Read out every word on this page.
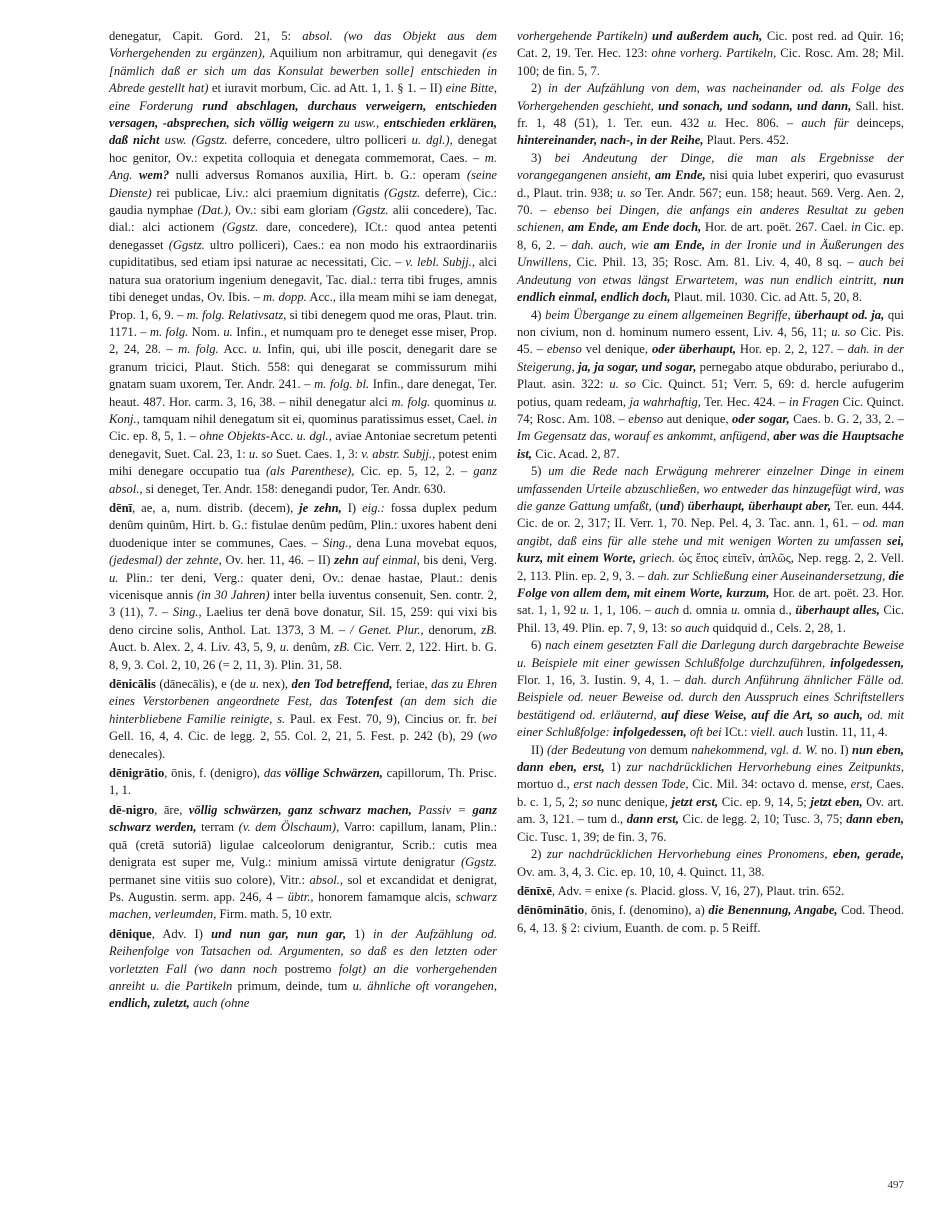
denegatur, Capit. Gord. 21, 5: absol. (wo das Objekt aus dem Vorhergehenden zu ergänzen), Aquilium non arbitramur, qui denegavit (es [nämlich daß er sich um das Konsulat bewerben solle] entschieden in Abrede gestellt hat) et iuravit morbum, Cic. ad Att. 1, 1. § 1. – II) eine Bitte, eine Forderung rund abschlagen, durchaus verweigern, entschieden versagen, -absprechen, sich völlig weigern zu usw., entschieden erklären, daß nicht usw. (Ggstz. deferre, concedere, ultro polliceri u. dgl.), denegat hoc genitor, Ov.: expetita colloquia et denegata commemorat, Caes. – m. Ang. wem? nulli adversus Romanos auxilia, Hirt. b. G.: operam (seine Dienste) rei publicae, Liv.: alci praemium dignitatis (Ggstz. deferre), Cic.: gaudia nymphae (Dat.), Ov.: sibi eam gloriam (Ggstz. alii concedere), Tac. dial.: alci actionem (Ggstz. dare, concedere), ICt.: quod antea petenti denegasset (Ggstz. ultro polliceri), Caes.: ea non modo his extraordinariis cupiditatibus, sed etiam ipsi naturae ac necessitati, Cic. – v. lebl. Subjj., alci natura sua oratorium ingenium denegavit, Tac. dial.: terra tibi fruges, amnis tibi deneget undas, Ov. Ibis. – m. dopp. Acc., illa meam mihi se iam denegat, Prop. 1, 6, 9. – m. folg. Relativsatz, si tibi denegem quod me oras, Plaut. trin. 1171. – m. folg. Nom. u. Infin., et numquam pro te deneget esse miser, Prop. 2, 24, 28. – m. folg. Acc. u. Infin, qui, ubi ille poscit, denegarit dare se granum tricici, Plaut. Stich. 558: qui denegarat se commissurum mihi gnatam suam uxorem, Ter. Andr. 241. – m. folg. bl. Infin., dare denegat, Ter. heaut. 487. Hor. carm. 3, 16, 38. – nihil denegatur alci m. folg. quominus u. Konj., tamquam nihil denegatum sit ei, quominus paratissimus esset, Cael. in Cic. ep. 8, 5, 1. – ohne Objekts-Acc. u. dgl., aviae Antoniae secretum petenti denegavit, Suet. Cal. 23, 1: u. so Suet. Caes. 1, 3: v. abstr. Subjj., potest enim mihi denegare occupatio tua (als Parenthese), Cic. ep. 5, 12, 2. – ganz absol., si deneget, Ter. Andr. 158: denegandi pudor, Ter. Andr. 630.

dēnī, ae, a, num. distrib. (decem), je zehn, I) eig.: fossa duplex pedum denûm quinûm, Hirt. b. G.: fistulae denûm pedûm, Plin.: uxores habent deni duodenique inter se communes, Caes. – Sing., dena Luna movebat equos, (jedesmal) der zehnte, Ov. her. 11, 46. – II) zehn auf einmal, bis deni, Verg. u. Plin.: ter deni, Verg.: quater deni, Ov.: denae hastae, Plaut.: denis vicenisque annis (in 30 Jahren) inter bella iuventus consenuit, Sen. contr. 2, 3 (11), 7. – Sing., Laelius ter denā bove donatur, Sil. 15, 259: qui vixi bis deno circine solis, Anthol. Lat. 1373, 3 M. – / Genet. Plur., denorum, zB. Auct. b. Alex. 2, 4. Liv. 43, 5, 9, u. denûm, zB. Cic. Verr. 2, 122. Hirt. b. G. 8, 9, 3. Col. 2, 10, 26 (= 2, 11, 3). Plin. 31, 58.

dēnicālis (dānecālis), e (de u. nex), den Tod betreffend, feriae, das zu Ehren eines Verstorbenen angeordnete Fest, das Totenfest (an dem sich die hinterbliebene Familie reinigte, s. Paul. ex Fest. 70, 9), Cincius or. fr. bei Gell. 16, 4, 4. Cic. de legg. 2, 55. Col. 2, 21, 5. Fest. p. 242 (b), 29 (wo denecales).

dēnigrātio, ōnis, f. (denigro), das völlige Schwärzen, capillorum, Th. Prisc. 1, 1.

dē-nigro, āre, völlig schwärzen, ganz schwarz machen, Passiv = ganz schwarz werden, terram (v. dem Ölschaum), Varro: capillum, lanam, Plin.: quā (cretā sutoriā) ligulae calceolorum denigrantur, Scrib.: cutis mea denigrata est super me, Vulg.: minium amissā virtute denigratur (Ggstz. permanet sine vitiis suo colore), Vitr.: absol., sol et excandidat et denigrat, Ps. Augustin. serm. app. 246, 4 – übtr., honorem famamque alcis, schwarz machen, verleumden, Firm. math. 5, 10 extr.

dēnique, Adv. I) und nun gar, nun gar, 1) in der Aufzählung od. Reihenfolge von Tatsachen od. Argumenten, so daß es den letzten oder vorletzten Fall (wo dann noch postremo folgt) an die vorhergehenden anreiht u. die Partikeln primum, deinde, tum u. ähnliche oft vorangehen, endlich, zuletzt, auch (ohne

vorhergehende Partikeln) und außerdem auch, Cic. post red. ad Quir. 16; Cat. 2, 19. Ter. Hec. 123: ohne vorherg. Partikeln, Cic. Rosc. Am. 28; Mil. 100; de fin. 5, 7.

2) in der Aufzählung von dem, was nacheinander od. als Folge des Vorhergehenden geschieht, und sonach, und sodann, und dann, Sall. hist. fr. 1, 48 (51), 1. Ter. eun. 432 u. Hec. 806. – auch für deinceps, hintereinander, nach-, in der Reihe, Plaut. Pers. 452.

3) bei Andeutung der Dinge, die man als Ergebnisse der vorangegangenen ansieht, am Ende, nisi quia lubet experiri, quo evasurust d., Plaut. trin. 938; u. so Ter. Andr. 567; eun. 158; heaut. 569. Verg. Aen. 2, 70. – ebenso bei Dingen, die anfangs ein anderes Resultat zu geben schienen, am Ende, am Ende doch, Hor. de art. poët. 267. Cael. in Cic. ep. 8, 6, 2. – dah. auch, wie am Ende, in der Ironie und in Äußerungen des Unwillens, Cic. Phil. 13, 35; Rosc. Am. 81. Liv. 4, 40, 8 sq. – auch bei Andeutung von etwas längst Erwartetem, was nun endlich eintritt, nun endlich einmal, endlich doch, Plaut. mil. 1030. Cic. ad Att. 5, 20, 8.

4) beim Übergange zu einem allgemeinen Begriffe, überhaupt od. ja, qui non civium, non d. hominum numero essent, Liv. 4, 56, 11; u. so Cic. Pis. 45. – ebenso vel denique, oder überhaupt, Hor. ep. 2, 2, 127. – dah. in der Steigerung, ja, ja sogar, und sogar, pernegabo atque obdurabo, periurabo d., Plaut. asin. 322: u. so Cic. Quinct. 51; Verr. 5, 69: d. hercle aufugerim potius, quam redeam, ja wahrhaftig, Ter. Hec. 424. – in Fragen Cic. Quinct. 74; Rosc. Am. 108. – ebenso aut denique, oder sogar, Caes. b. G. 2, 33, 2. – Im Gegensatz das, worauf es ankommt, anfügend, aber was die Hauptsache ist, Cic. Acad. 2, 87.

5) um die Rede nach Erwägung mehrerer einzelner Dinge in einem umfassenden Urteile abzuschließen, wo entweder das hinzugefügt wird, was die ganze Gattung umfaßt, (und) überhaupt, überhaupt aber, Ter. eun. 444. Cic. de or. 2, 317; II. Verr. 1, 70. Nep. Pel. 4, 3. Tac. ann. 1, 61. – od. man angibt, daß eins für alle stehe und mit wenigen Worten zu umfassen sei, kurz, mit einem Worte, griech. ὡς ἔπος εἰπεῖν, ἁπλῶς, Nep. regg. 2, 2. Vell. 2, 113. Plin. ep. 2, 9, 3. – dah. zur Schließung einer Auseinandersetzung, die Folge von allem dem, mit einem Worte, kurzum, Hor. de art. poët. 23. Hor. sat. 1, 1, 92 u. 1, 1, 106. – auch d. omnia u. omnia d., überhaupt alles, Cic. Phil. 13, 49. Plin. ep. 7, 9, 13: so auch quidquid d., Cels. 2, 28, 1.

6) nach einem gesetzten Fall die Darlegung durch dargebrachte Beweise u. Beispiele mit einer gewissen Schlußfolge durchzuführen, infolgedessen, Flor. 1, 16, 3. Iustin. 9, 4, 1. – dah. durch Anführung ähnlicher Fälle od. Beispiele od. neuer Beweise od. durch den Ausspruch eines Schriftstellers bestätigend od. erläuternd, auf diese Weise, auf die Art, so auch, od. mit einer Schlußfolge: infolgedessen, oft bei ICt.: viell. auch Iustin. 11, 11, 4.

II) (der Bedeutung von demum nahekommend, vgl. d. W. no. I) nun eben, dann eben, erst, 1) zur nachdrücklichen Hervorhebung eines Zeitpunkts, mortuo d., erst nach dessen Tode, Cic. Mil. 34: octavo d. mense, erst, Caes. b. c. 1, 5, 2; so nunc denique, jetzt erst, Cic. ep. 9, 14, 5; jetzt eben, Ov. art. am. 3, 121. – tum d., dann erst, Cic. de legg. 2, 10; Tusc. 3, 75; dann eben, Cic. Tusc. 1, 39; de fin. 3, 76.

2) zur nachdrücklichen Hervorhebung eines Pronomens, eben, gerade, Ov. am. 3, 4, 3. Cic. ep. 10, 10, 4. Quinct. 11, 38.

dēnīxē, Adv. = enixe (s. Placid. gloss. V, 16, 27), Plaut. trin. 652.

dēnōminātio, ōnis, f. (denomino), a) die Benennung, Angabe, Cod. Theod. 6, 4, 13. § 2: civium, Euanth. de com. p. 5 Reiff.

497
